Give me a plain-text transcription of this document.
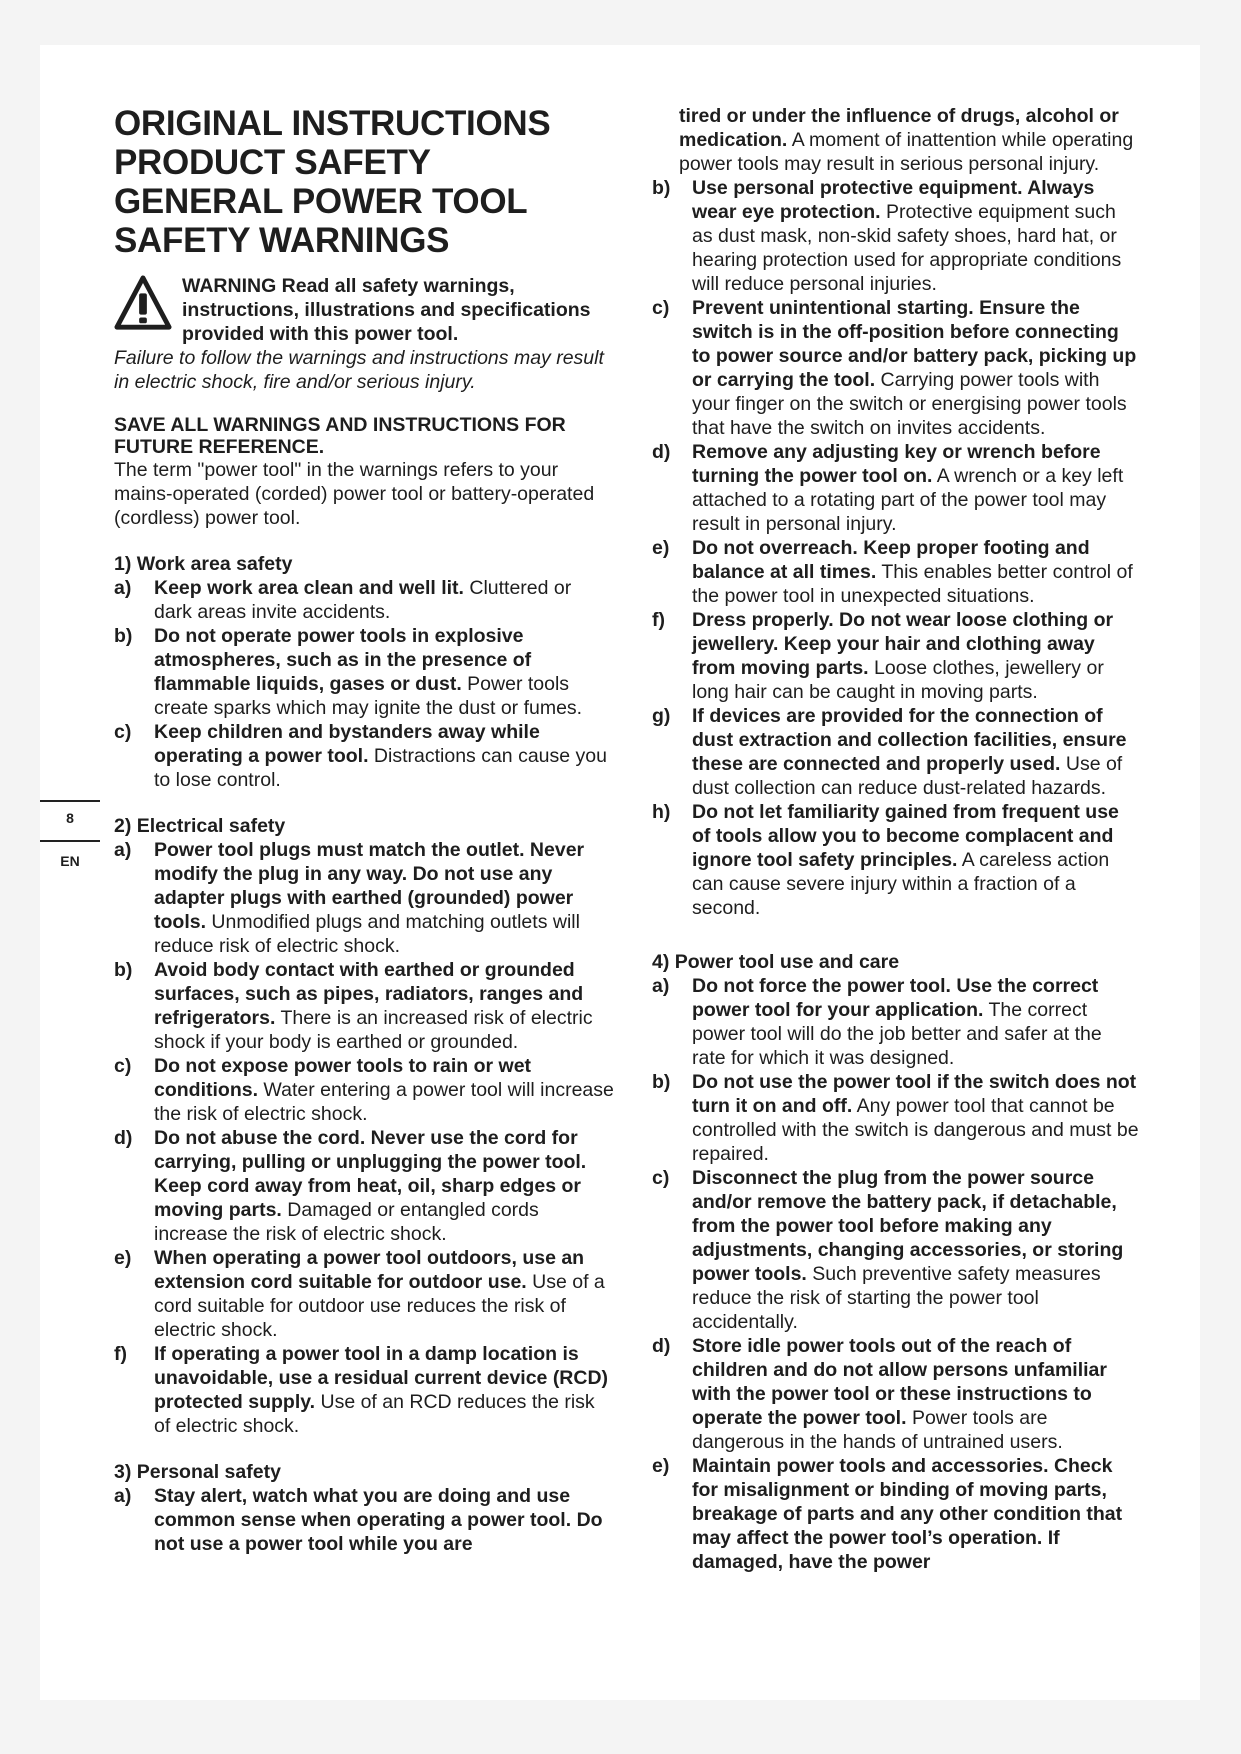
8
EN
ORIGINAL INSTRUCTIONS
PRODUCT SAFETY
GENERAL POWER TOOL
SAFETY WARNINGS
WARNING Read all safety warnings, instructions, illustrations and specifications provided with this power tool.
Failure to follow the warnings and instructions may result in electric shock, fire and/or serious injury.
SAVE ALL WARNINGS AND INSTRUCTIONS FOR FUTURE REFERENCE.

The term "power tool" in the warnings refers to your mains-operated (corded) power tool or battery-operated (cordless) power tool.

1) Work area safety
a) Keep work area clean and well lit. Cluttered or dark areas invite accidents.
b) Do not operate power tools in explosive atmospheres, such as in the presence of flammable liquids, gases or dust. Power tools create sparks which may ignite the dust or fumes.
c) Keep children and bystanders away while operating a power tool. Distractions can cause you to lose control.
2) Electrical safety
a) Power tool plugs must match the outlet. Never modify the plug in any way. Do not use any adapter plugs with earthed (grounded) power tools. Unmodified plugs and matching outlets will reduce risk of electric shock.
b) Avoid body contact with earthed or grounded surfaces, such as pipes, radiators, ranges and refrigerators. There is an increased risk of electric shock if your body is earthed or grounded.
c) Do not expose power tools to rain or wet conditions. Water entering a power tool will increase the risk of electric shock.
d) Do not abuse the cord. Never use the cord for carrying, pulling or unplugging the power tool. Keep cord away from heat, oil, sharp edges or moving parts. Damaged or entangled cords increase the risk of electric shock.
e) When operating a power tool outdoors, use an extension cord suitable for outdoor use. Use of a cord suitable for outdoor use reduces the risk of electric shock.
f) If operating a power tool in a damp location is unavoidable, use a residual current device (RCD) protected supply. Use of an RCD reduces the risk of electric shock.
3) Personal safety
a) Stay alert, watch what you are doing and use common sense when operating a power tool. Do not use a power tool while you are
tired or under the influence of drugs, alcohol or medication. A moment of inattention while operating power tools may result in serious personal injury.
b) Use personal protective equipment. Always wear eye protection. Protective equipment such as dust mask, non-skid safety shoes, hard hat, or hearing protection used for appropriate conditions will reduce personal injuries.
c) Prevent unintentional starting. Ensure the switch is in the off-position before connecting to power source and/or battery pack, picking up or carrying the tool. Carrying power tools with your finger on the switch or energising power tools that have the switch on invites accidents.
d) Remove any adjusting key or wrench before turning the power tool on. A wrench or a key left attached to a rotating part of the power tool may result in personal injury.
e) Do not overreach. Keep proper footing and balance at all times. This enables better control of the power tool in unexpected situations.
f) Dress properly. Do not wear loose clothing or jewellery. Keep your hair and clothing away from moving parts. Loose clothes, jewellery or long hair can be caught in moving parts.
g) If devices are provided for the connection of dust extraction and collection facilities, ensure these are connected and properly used. Use of dust collection can reduce dust-related hazards.
h) Do not let familiarity gained from frequent use of tools allow you to become complacent and ignore tool safety principles. A careless action can cause severe injury within a fraction of a second.
4) Power tool use and care
a) Do not force the power tool. Use the correct power tool for your application. The correct power tool will do the job better and safer at the rate for which it was designed.
b) Do not use the power tool if the switch does not turn it on and off. Any power tool that cannot be controlled with the switch is dangerous and must be repaired.
c) Disconnect the plug from the power source and/or remove the battery pack, if detachable, from the power tool before making any adjustments, changing accessories, or storing power tools. Such preventive safety measures reduce the risk of starting the power tool accidentally.
d) Store idle power tools out of the reach of children and do not allow persons unfamiliar with the power tool or these instructions to operate the power tool. Power tools are dangerous in the hands of untrained users.
e) Maintain power tools and accessories. Check for misalignment or binding of moving parts, breakage of parts and any other condition that may affect the power tool’s operation. If damaged, have the power
